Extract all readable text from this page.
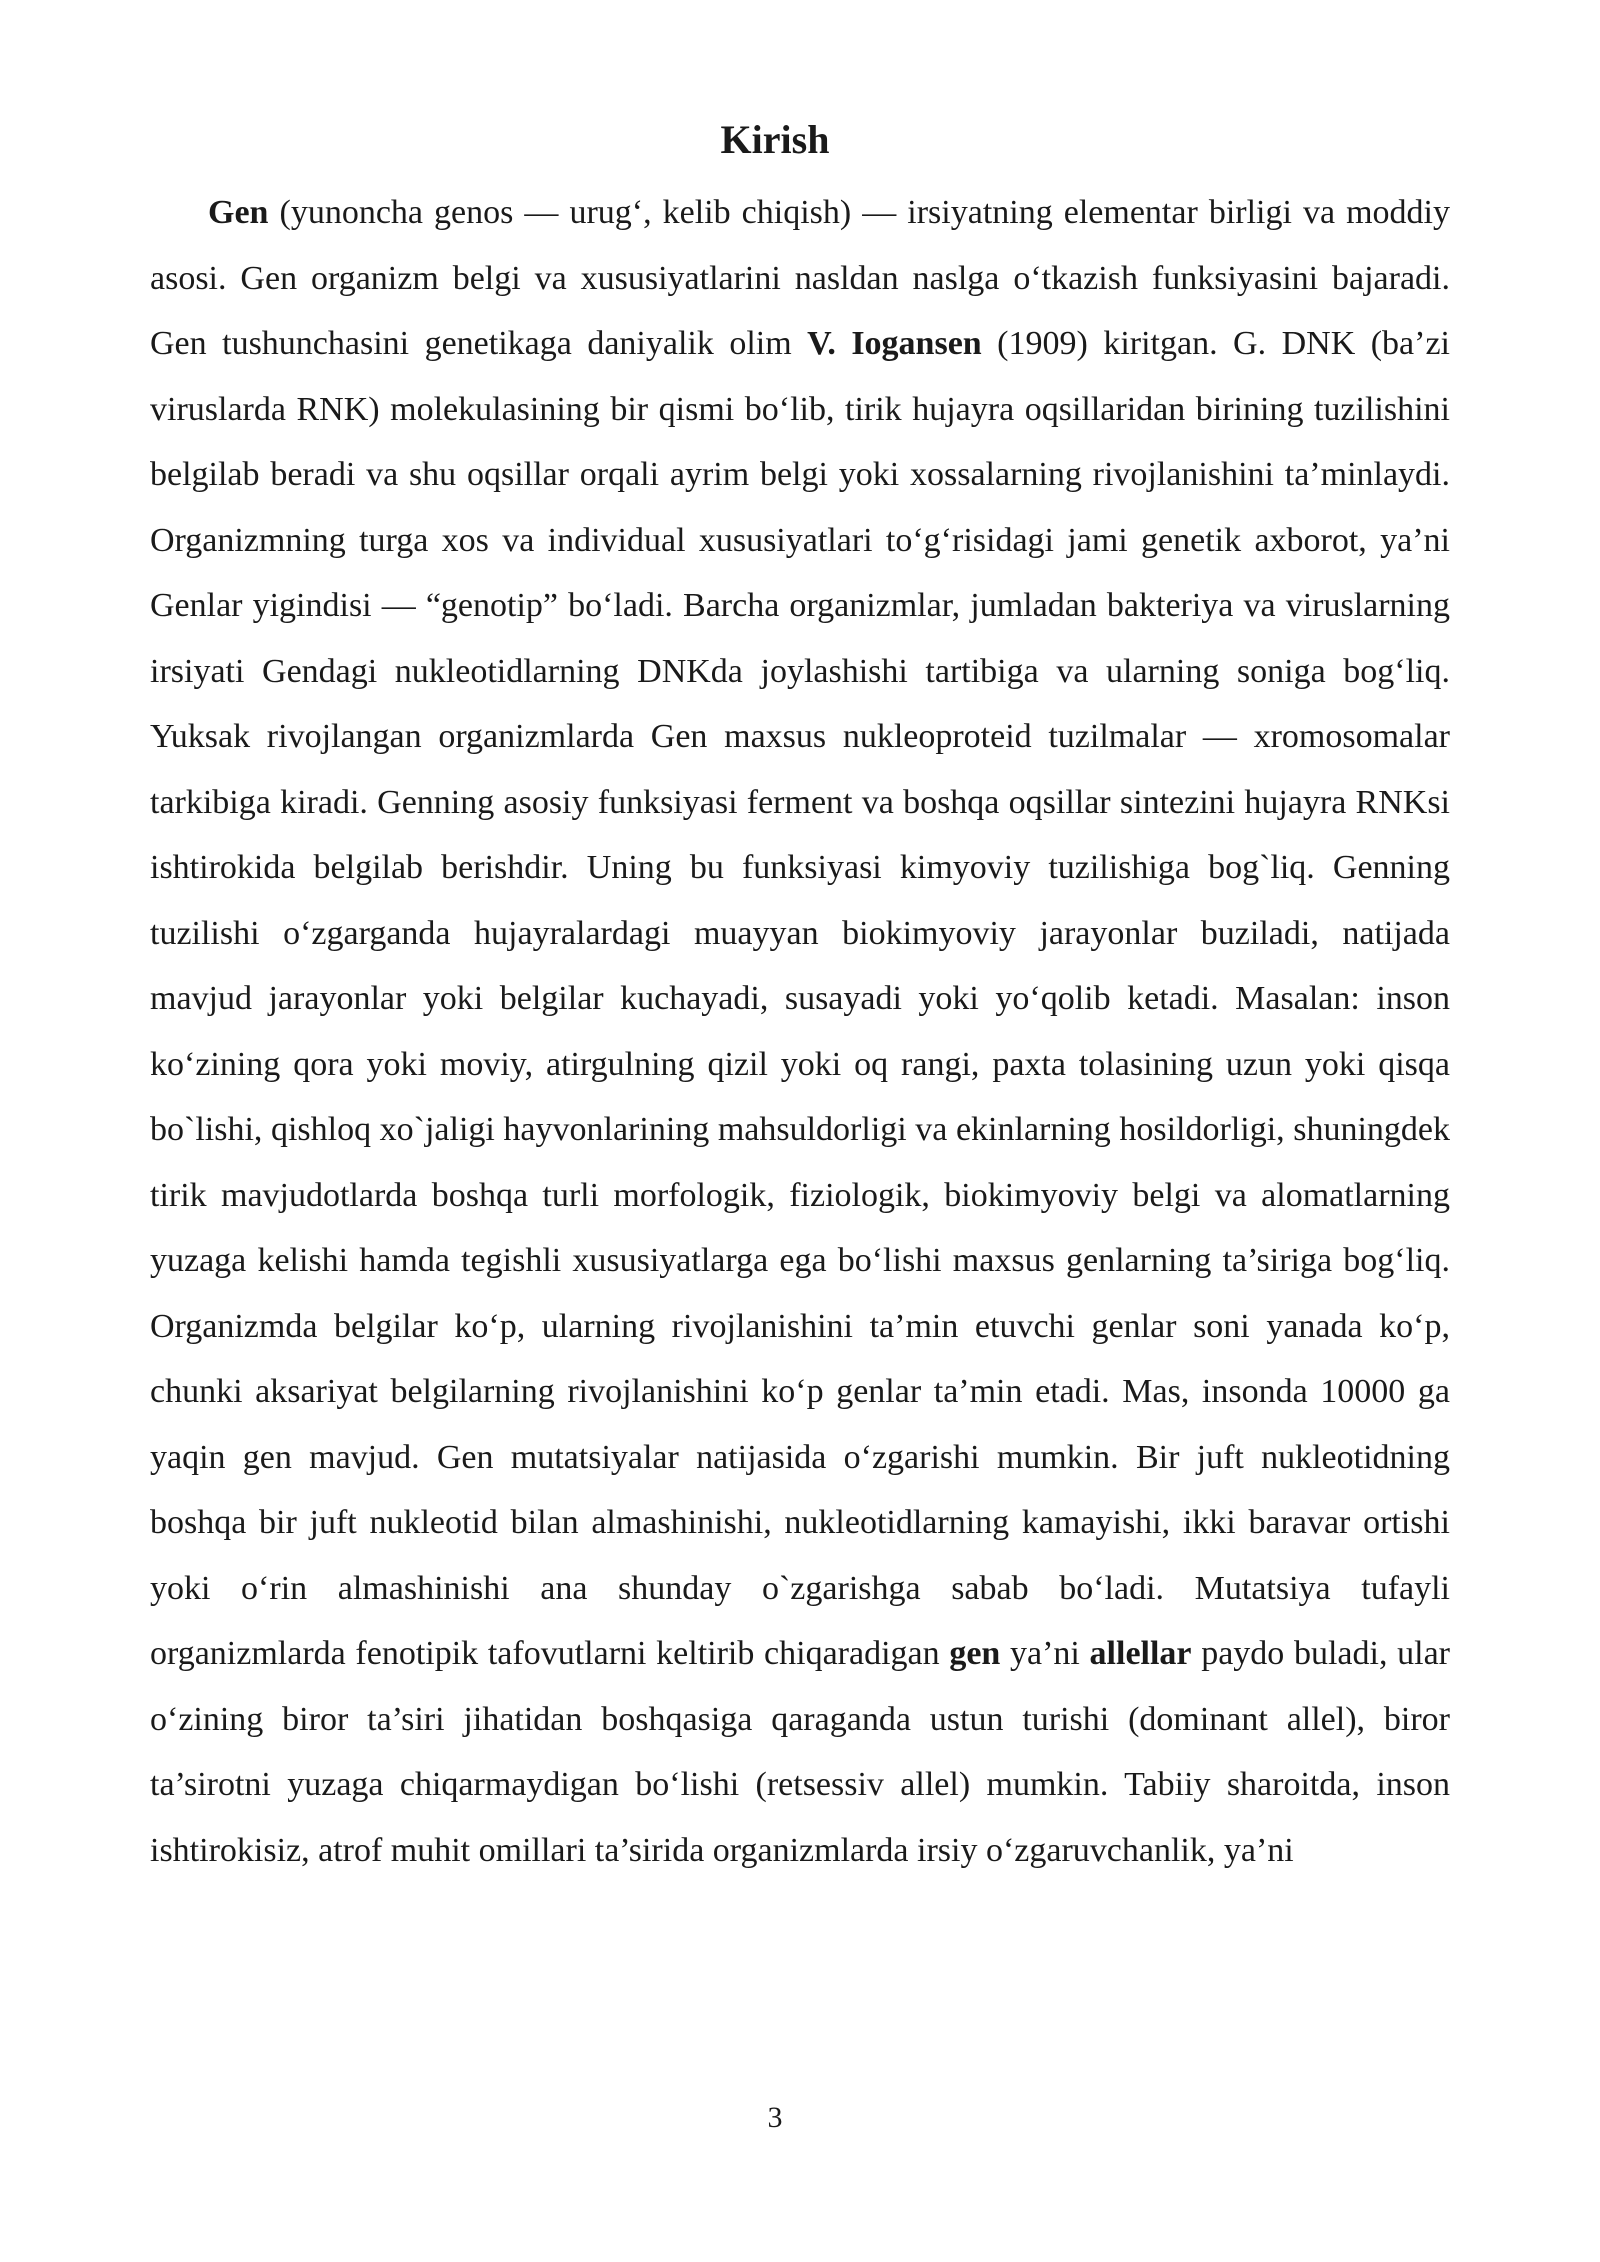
Kirish

Gen (yunoncha genos — urug‘, kelib chiqish) — irsiyatning elementar birligi va moddiy asosi. Gen organizm belgi va xususiyatlarini nasldan naslga o‘tkazish funksiyasini bajaradi. Gen tushunchasini genetikaga daniyalik olim V. Iogansen (1909) kiritgan. G. DNK (ba’zi viruslarda RNK) molekulasining bir qismi bo‘lib, tirik hujayra oqsillaridan birining tuzilishini belgilab beradi va shu oqsillar orqali ayrim belgi yoki xossalarning rivojlanishini ta’minlaydi. Organizmning turga xos va individual xususiyatlari to‘g‘risidagi jami genetik axborot, ya’ni Genlar yigindisi — “genotip” bo‘ladi. Barcha organizmlar, jumladan bakteriya va viruslarning irsiyati Gendagi nukleotidlarning DNKda joylashishi tartibiga va ularning soniga bog‘liq. Yuksak rivojlangan organizmlarda Gen maxsus nukleoproteid tuzilmalar — xromosomalar tarkibiga kiradi. Genning asosiy funksiyasi ferment va boshqa oqsillar sintezini hujayra RNKsi ishtirokida belgilab berishdir. Uning bu funksiyasi kimyoviy tuzilishiga bog`liq. Genning tuzilishi o‘zgarganda hujayralardagi muayyan biokimyoviy jarayonlar buziladi, natijada mavjud jarayonlar yoki belgilar kuchayadi, susayadi yoki yo‘qolib ketadi. Masalan: inson ko‘zining qora yoki moviy, atirgulning qizil yoki oq rangi, paxta tolasining uzun yoki qisqa bo`lishi, qishloq xo`jaligi hayvonlarining mahsuldorligi va ekinlarning hosildorligi, shuningdek tirik mavjudotlarda boshqa turli morfologik, fiziologik, biokimyoviy belgi va alomatlarning yuzaga kelishi hamda tegishli xususiyatlarga ega bo‘lishi maxsus genlarning ta’siriga bog‘liq. Organizmda belgilar ko‘p, ularning rivojlanishini ta’min etuvchi genlar soni yanada ko‘p, chunki aksariyat belgilarning rivojlanishini ko‘p genlar ta’min etadi. Mas, insonda 10000 ga yaqin gen mavjud. Gen mutatsiyalar natijasida o‘zgarishi mumkin. Bir juft nukleotidning boshqa bir juft nukleotid bilan almashinishi, nukleotidlarning kamayishi, ikki baravar ortishi yoki o‘rin almashinishi ana shunday o`zgarishga sabab bo‘ladi. Mutatsiya tufayli organizmlarda fenotipik tafovutlarni keltirib chiqaradigan gen ya’ni allellar paydo buladi, ular o‘zining biror ta’siri jihatidan boshqasiga qaraganda ustun turishi (dominant allel), biror ta’sirotni yuzaga chiqarmaydigan bo‘lishi (retsessiv allel) mumkin. Tabiiy sharoitda, inson ishtirokisiz, atrof muhit omillari ta’sirida organizmlarda irsiy o‘zgaruvchanlik, ya’ni

3
